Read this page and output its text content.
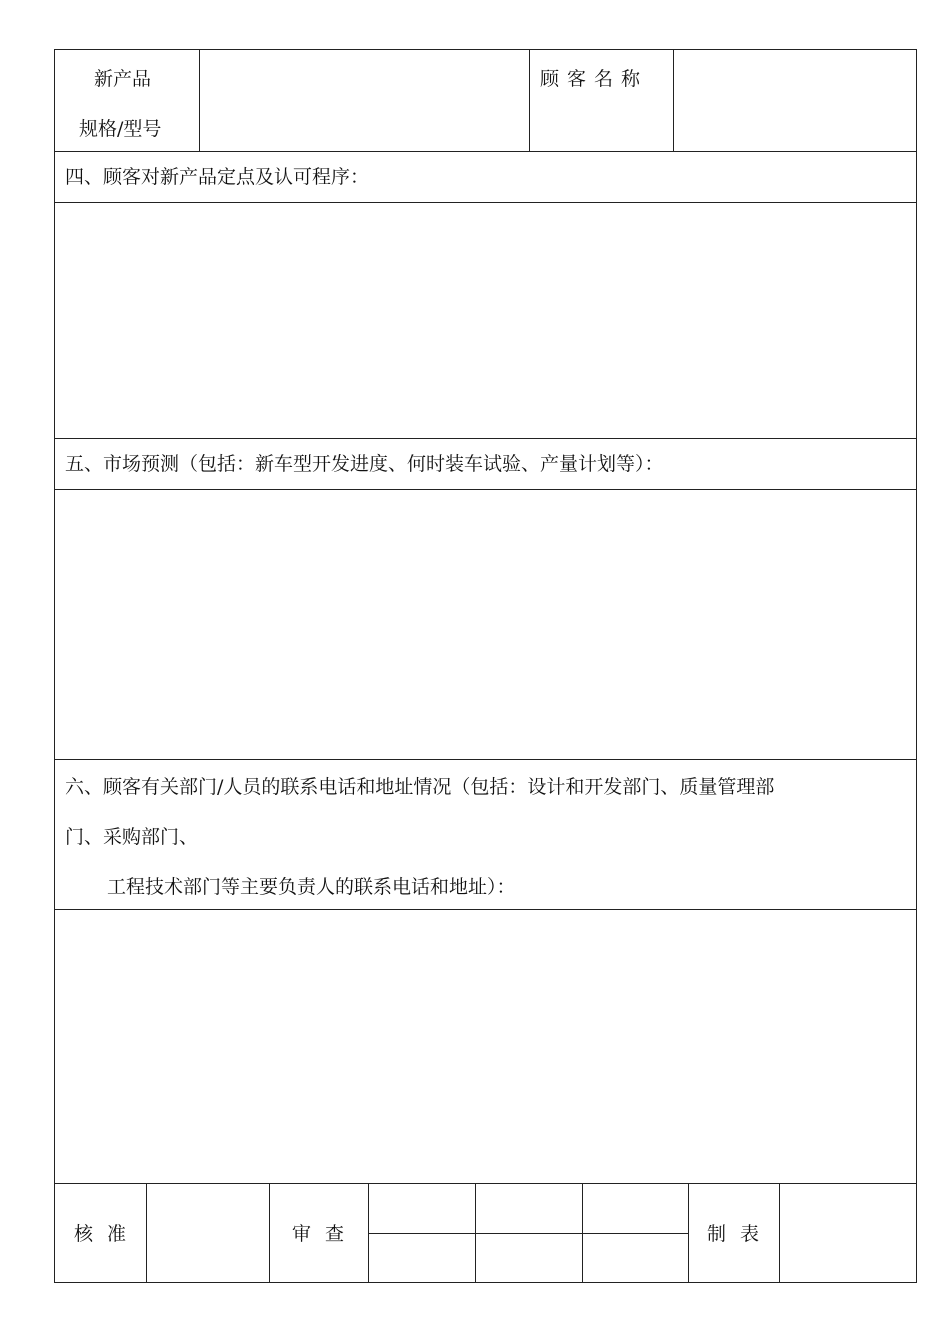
新产品
规格/型号
顾客名称
四、顾客对新产品定点及认可程序：
五、市场预测（包括：新车型开发进度、何时装车试验、产量计划等）：
六、顾客有关部门/人员的联系电话和地址情况（包括：设计和开发部门、质量管理部
门、采购部门、
工程技术部门等主要负责人的联系电话和地址）：
核准	审查	制表
